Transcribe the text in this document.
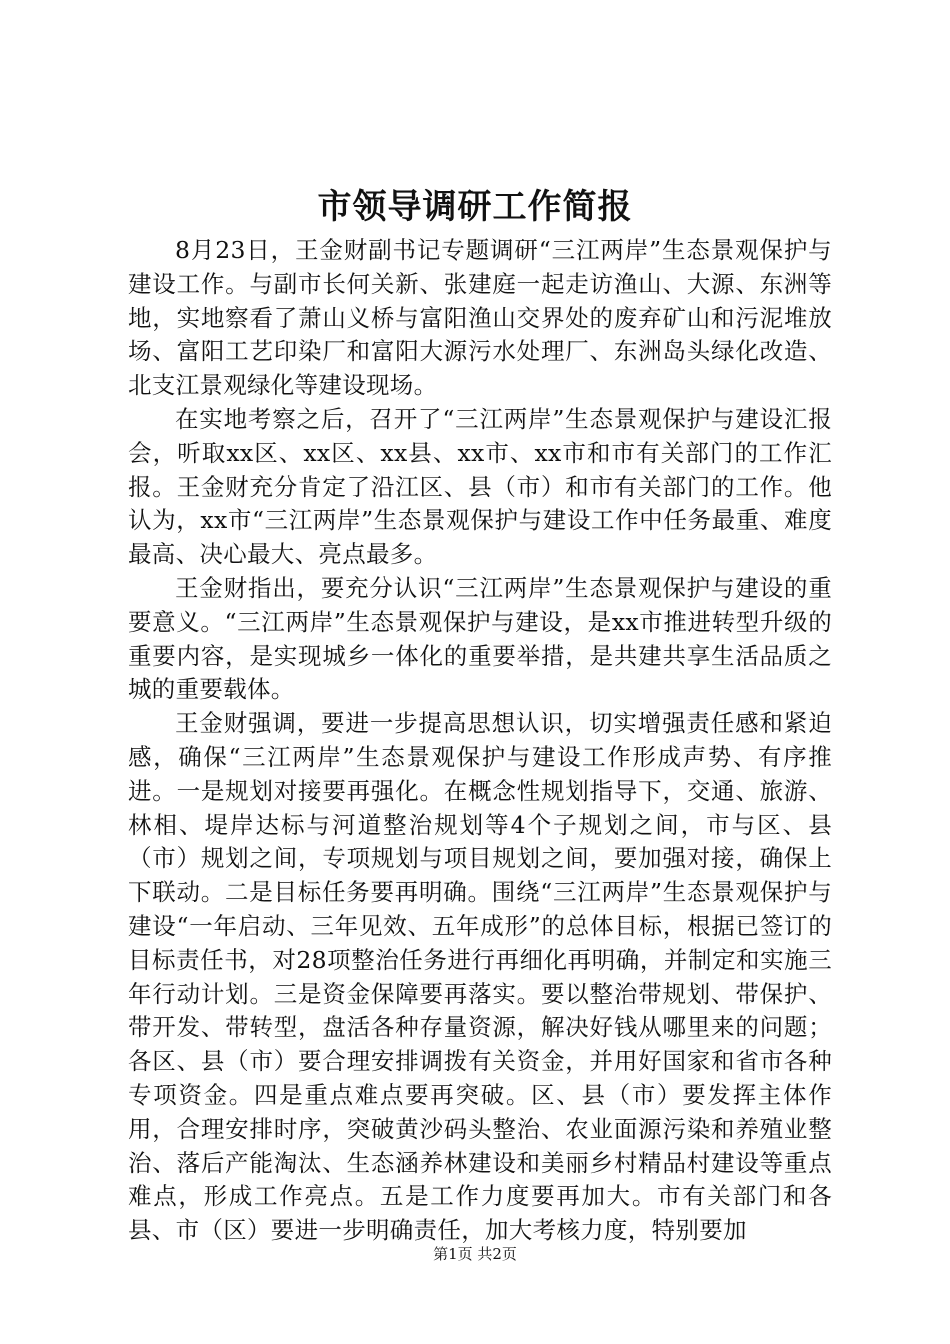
市领导调研工作简报

8月23日，王金财副书记专题调研“三江两岸”生态景观保护与建设工作。与副市长何关新、张建庭一起走访渔山、大源、东洲等地，实地察看了萧山义桥与富阳渔山交界处的废弃矿山和污泥堆放场、富阳工艺印染厂和富阳大源污水处理厂、东洲岛头绿化改造、北支江景观绿化等建设现场。

在实地考察之后，召开了“三江两岸”生态景观保护与建设汇报会，听取xx区、xx区、xx县、xx市、xx市和市有关部门的工作汇报。王金财充分肯定了沿江区、县（市）和市有关部门的工作。他认为，xx市“三江两岸”生态景观保护与建设工作中任务最重、难度最高、决心最大、亮点最多。

王金财指出，要充分认识“三江两岸”生态景观保护与建设的重要意义。“三江两岸”生态景观保护与建设，是xx市推进转型升级的重要内容，是实现城乡一体化的重要举措，是共建共享生活品质之城的重要载体。

王金财强调，要进一步提高思想认识，切实增强责任感和紧迫感，确保“三江两岸”生态景观保护与建设工作形成声势、有序推进。一是规划对接要再强化。在概念性规划指导下，交通、旅游、林相、堤岸达标与河道整治规划等4个子规划之间，市与区、县（市）规划之间，专项规划与项目规划之间，要加强对接，确保上下联动。二是目标任务要再明确。围绕“三江两岸”生态景观保护与建设“一年启动、三年见效、五年成形”的总体目标，根据已签订的目标责任书，对28项整治任务进行再细化再明确，并制定和实施三年行动计划。三是资金保障要再落实。要以整治带规划、带保护、带开发、带转型，盘活各种存量资源，解决好钱从哪里来的问题；各区、县（市）要合理安排调拨有关资金，并用好国家和省市各种专项资金。四是重点难点要再突破。区、县（市）要发挥主体作用，合理安排时序，突破黄沙码头整治、农业面源污染和养殖业整治、落后产能淘汰、生态涵养林建设和美丽乡村精品村建设等重点难点，形成工作亮点。五是工作力度要再加大。市有关部门和各县、市（区）要进一步明确责任，加大考核力度，特别要加

第1页 共2页
